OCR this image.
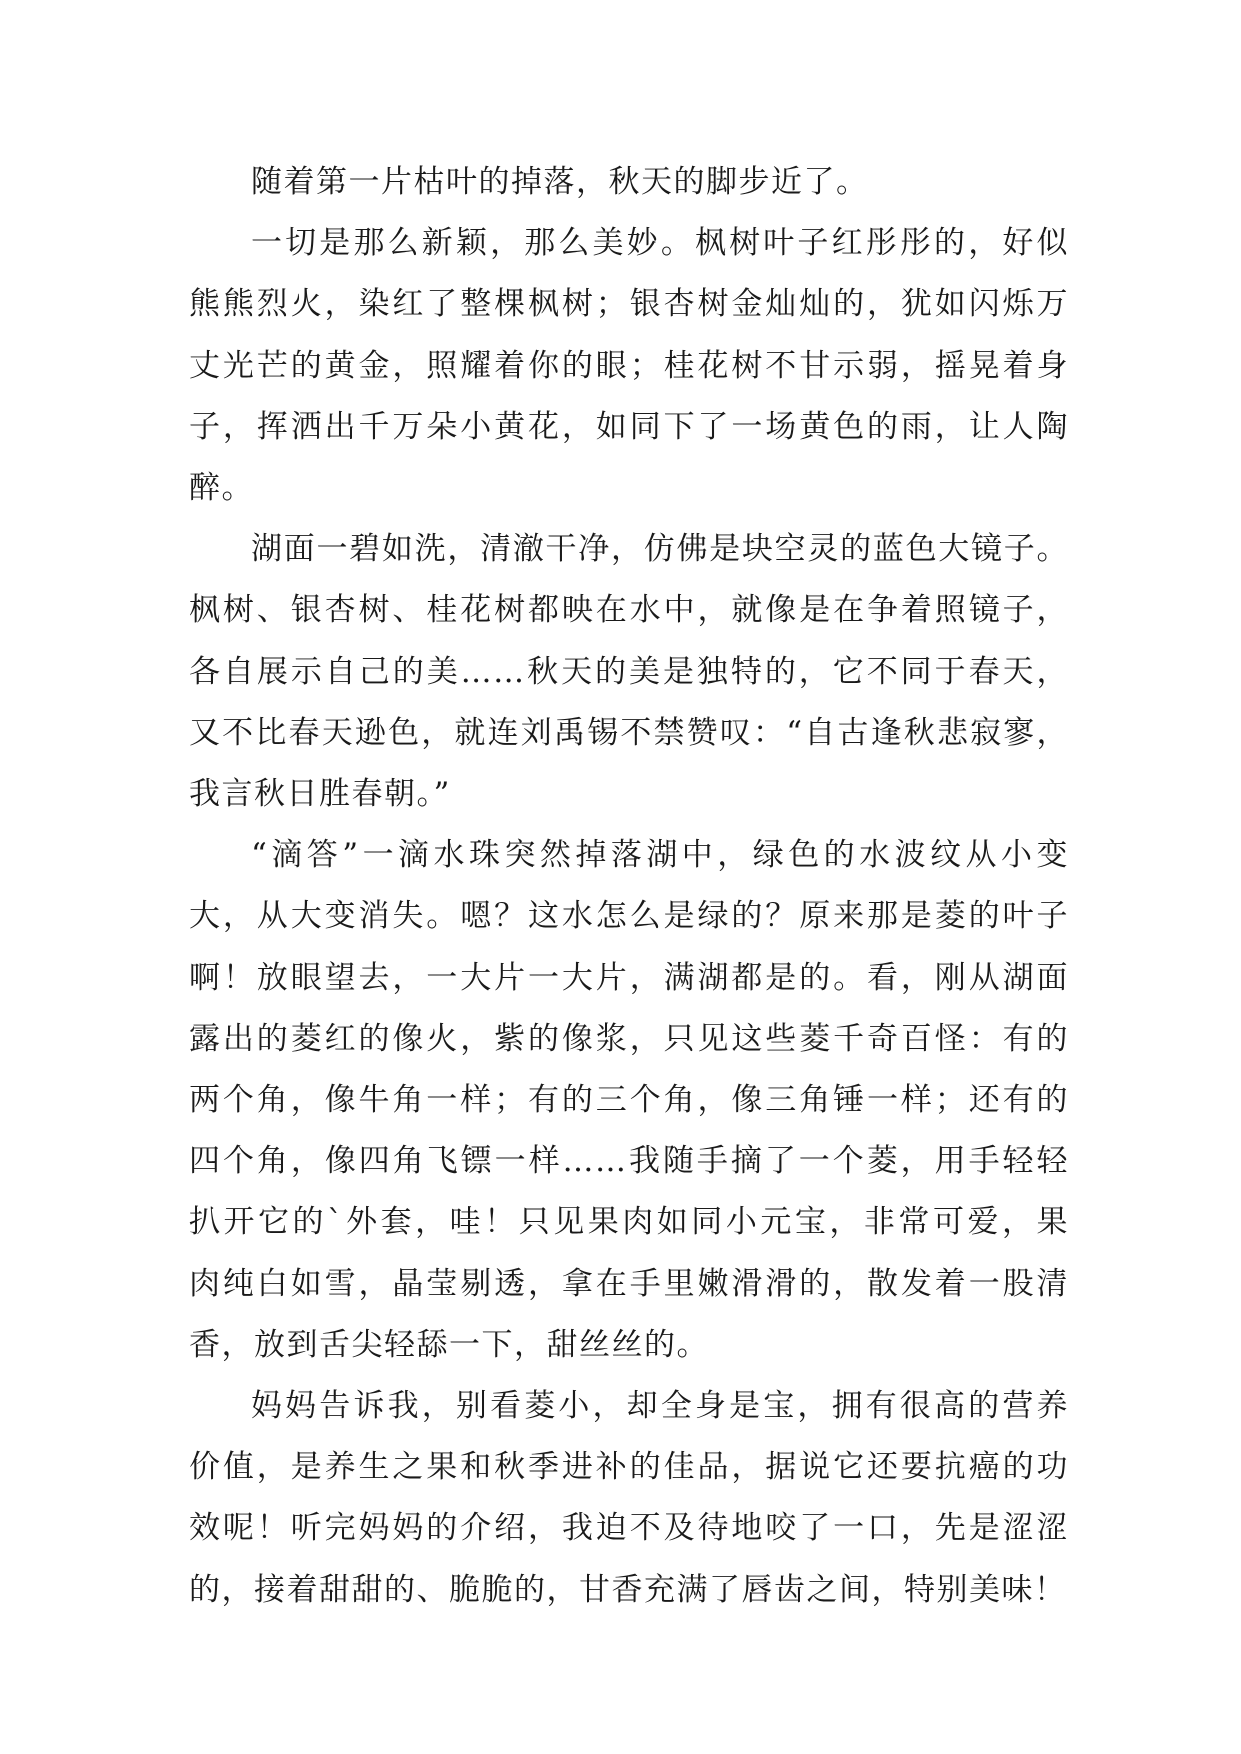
随着第一片枯叶的掉落，秋天的脚步近了。
一切是那么新颖，那么美妙。枫树叶子红彤彤的，好似
熊熊烈火，染红了整棵枫树；银杏树金灿灿的，犹如闪烁万
丈光芒的黄金，照耀着你的眼；桂花树不甘示弱，摇晃着身
子，挥洒出千万朵小黄花，如同下了一场黄色的雨，让人陶
醉。
湖面一碧如洗，清澈干净，仿佛是块空灵的蓝色大镜子。
枫树、银杏树、桂花树都映在水中，就像是在争着照镜子，
各自展示自己的美……秋天的美是独特的，它不同于春天，
又不比春天逊色，就连刘禹锡不禁赞叹：“自古逢秋悲寂寥，
我言秋日胜春朝。”
“滴答”一滴水珠突然掉落湖中，绿色的水波纹从小变
大，从大变消失。嗯？这水怎么是绿的？原来那是菱的叶子
啊！放眼望去，一大片一大片，满湖都是的。看，刚从湖面
露出的菱红的像火，紫的像浆，只见这些菱千奇百怪：有的
两个角，像牛角一样；有的三个角，像三角锤一样；还有的
四个角，像四角飞镖一样……我随手摘了一个菱，用手轻轻
扒开它的`外套，哇！只见果肉如同小元宝，非常可爱，果
肉纯白如雪，晶莹剔透，拿在手里嫩滑滑的，散发着一股清
香，放到舌尖轻舔一下，甜丝丝的。
妈妈告诉我，别看菱小，却全身是宝，拥有很高的营养
价值，是养生之果和秋季进补的佳品，据说它还要抗癌的功
效呢！听完妈妈的介绍，我迫不及待地咬了一口，先是涩涩
的，接着甜甜的、脆脆的，甘香充满了唇齿之间，特别美味！
